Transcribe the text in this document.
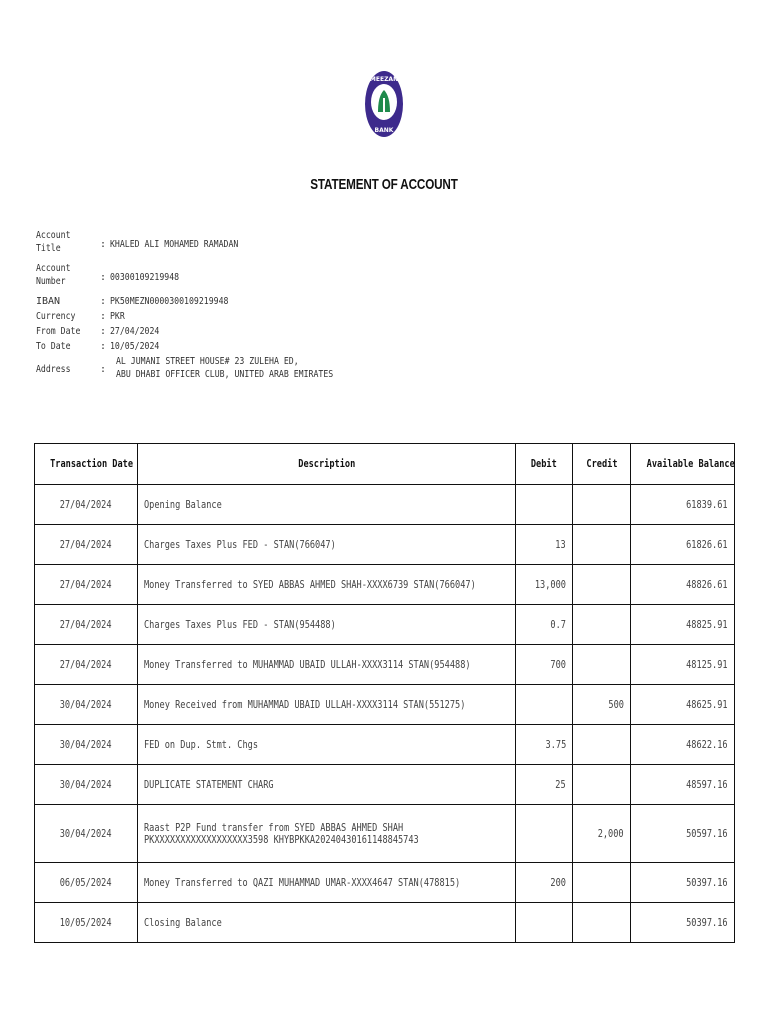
MEEZAN
BANK
STATEMENT OF ACCOUNT
Account
Title	: KHALED ALI MOHAMED RAMADAN
Account
Number	: 00300109219948
IBAN	: PK50MEZN0000300109219948
Currency	: PKR
From Date	: 27/04/2024
To Date	: 10/05/2024
Address	:
AL JUMANI STREET HOUSE# 23 ZULEHA ED,
ABU DHABI OFFICER CLUB, UNITED ARAB EMIRATES
Transaction Date	Description	Debit	Credit	Available Balance
27/04/2024	Opening Balance			61839.61
27/04/2024	Charges Taxes Plus FED - STAN(766047)	13		61826.61
27/04/2024	Money Transferred to SYED ABBAS AHMED SHAH-XXXX6739 STAN(766047)	13,000		48826.61
27/04/2024	Charges Taxes Plus FED - STAN(954488)	0.7		48825.91
27/04/2024	Money Transferred to MUHAMMAD UBAID ULLAH-XXXX3114 STAN(954488)	700		48125.91
30/04/2024	Money Received from MUHAMMAD UBAID ULLAH-XXXX3114 STAN(551275)		500	48625.91
30/04/2024	FED on Dup. Stmt. Chgs	3.75		48622.16
30/04/2024	DUPLICATE STATEMENT CHARG	25		48597.16
30/04/2024	Raast P2P Fund transfer from SYED ABBAS AHMED SHAH
PKXXXXXXXXXXXXXXXXXX3598 KHYBPKKA20240430161148845743		2,000	50597.16
06/05/2024	Money Transferred to QAZI MUHAMMAD UMAR-XXXX4647 STAN(478815)	200		50397.16
10/05/2024	Closing Balance			50397.16
